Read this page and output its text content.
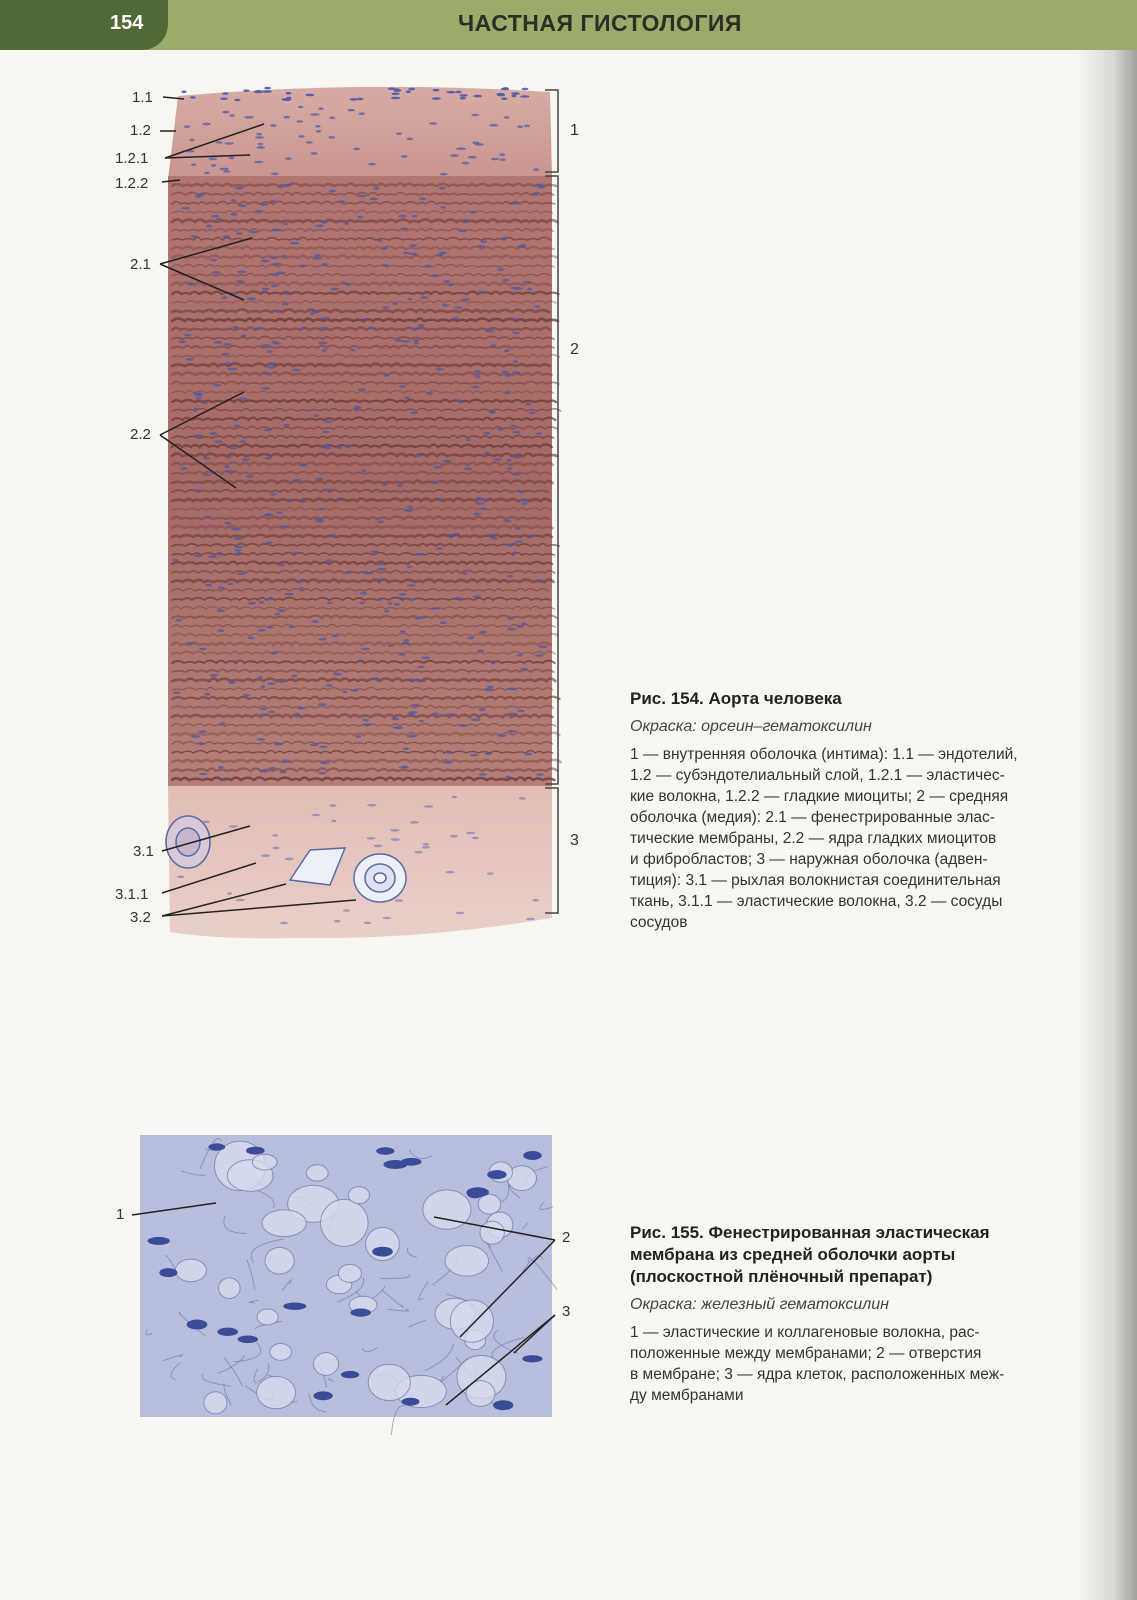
154	ЧАСТНАЯ ГИСТОЛОГИЯ
1.1
1.2
1.2.1
1.2.2
2.1
2.2
3.1
3.1.1
3.2
1
2
3

Рис. 154. Аорта человека

Окраска: орсеин–гематоксилин

1 — внутренняя оболочка (интима): 1.1 — эндотелий,
1.2 — субэндотелиальный слой, 1.2.1 — эластичес-
кие волокна, 1.2.2 — гладкие миоциты; 2 — средняя
оболочка (медия): 2.1 — фенестрированные элас-
тические мембраны, 2.2 — ядра гладких миоцитов
и фибробластов; 3 — наружная оболочка (адвен-
тиция): 3.1 — рыхлая волокнистая соединительная
ткань, 3.1.1 — эластические волокна, 3.2 — сосуды
сосудов
1
2
3
Рис. 155. Фенестрированная эластическая
мембрана из средней оболочки аорты
(плоскостной плёночный препарат)

Окраска: железный гематоксилин

1 — эластические и коллагеновые волокна, рас-
положенные между мембранами; 2 — отверстия
в мембране; 3 — ядра клеток, расположенных меж-
ду мембранами
